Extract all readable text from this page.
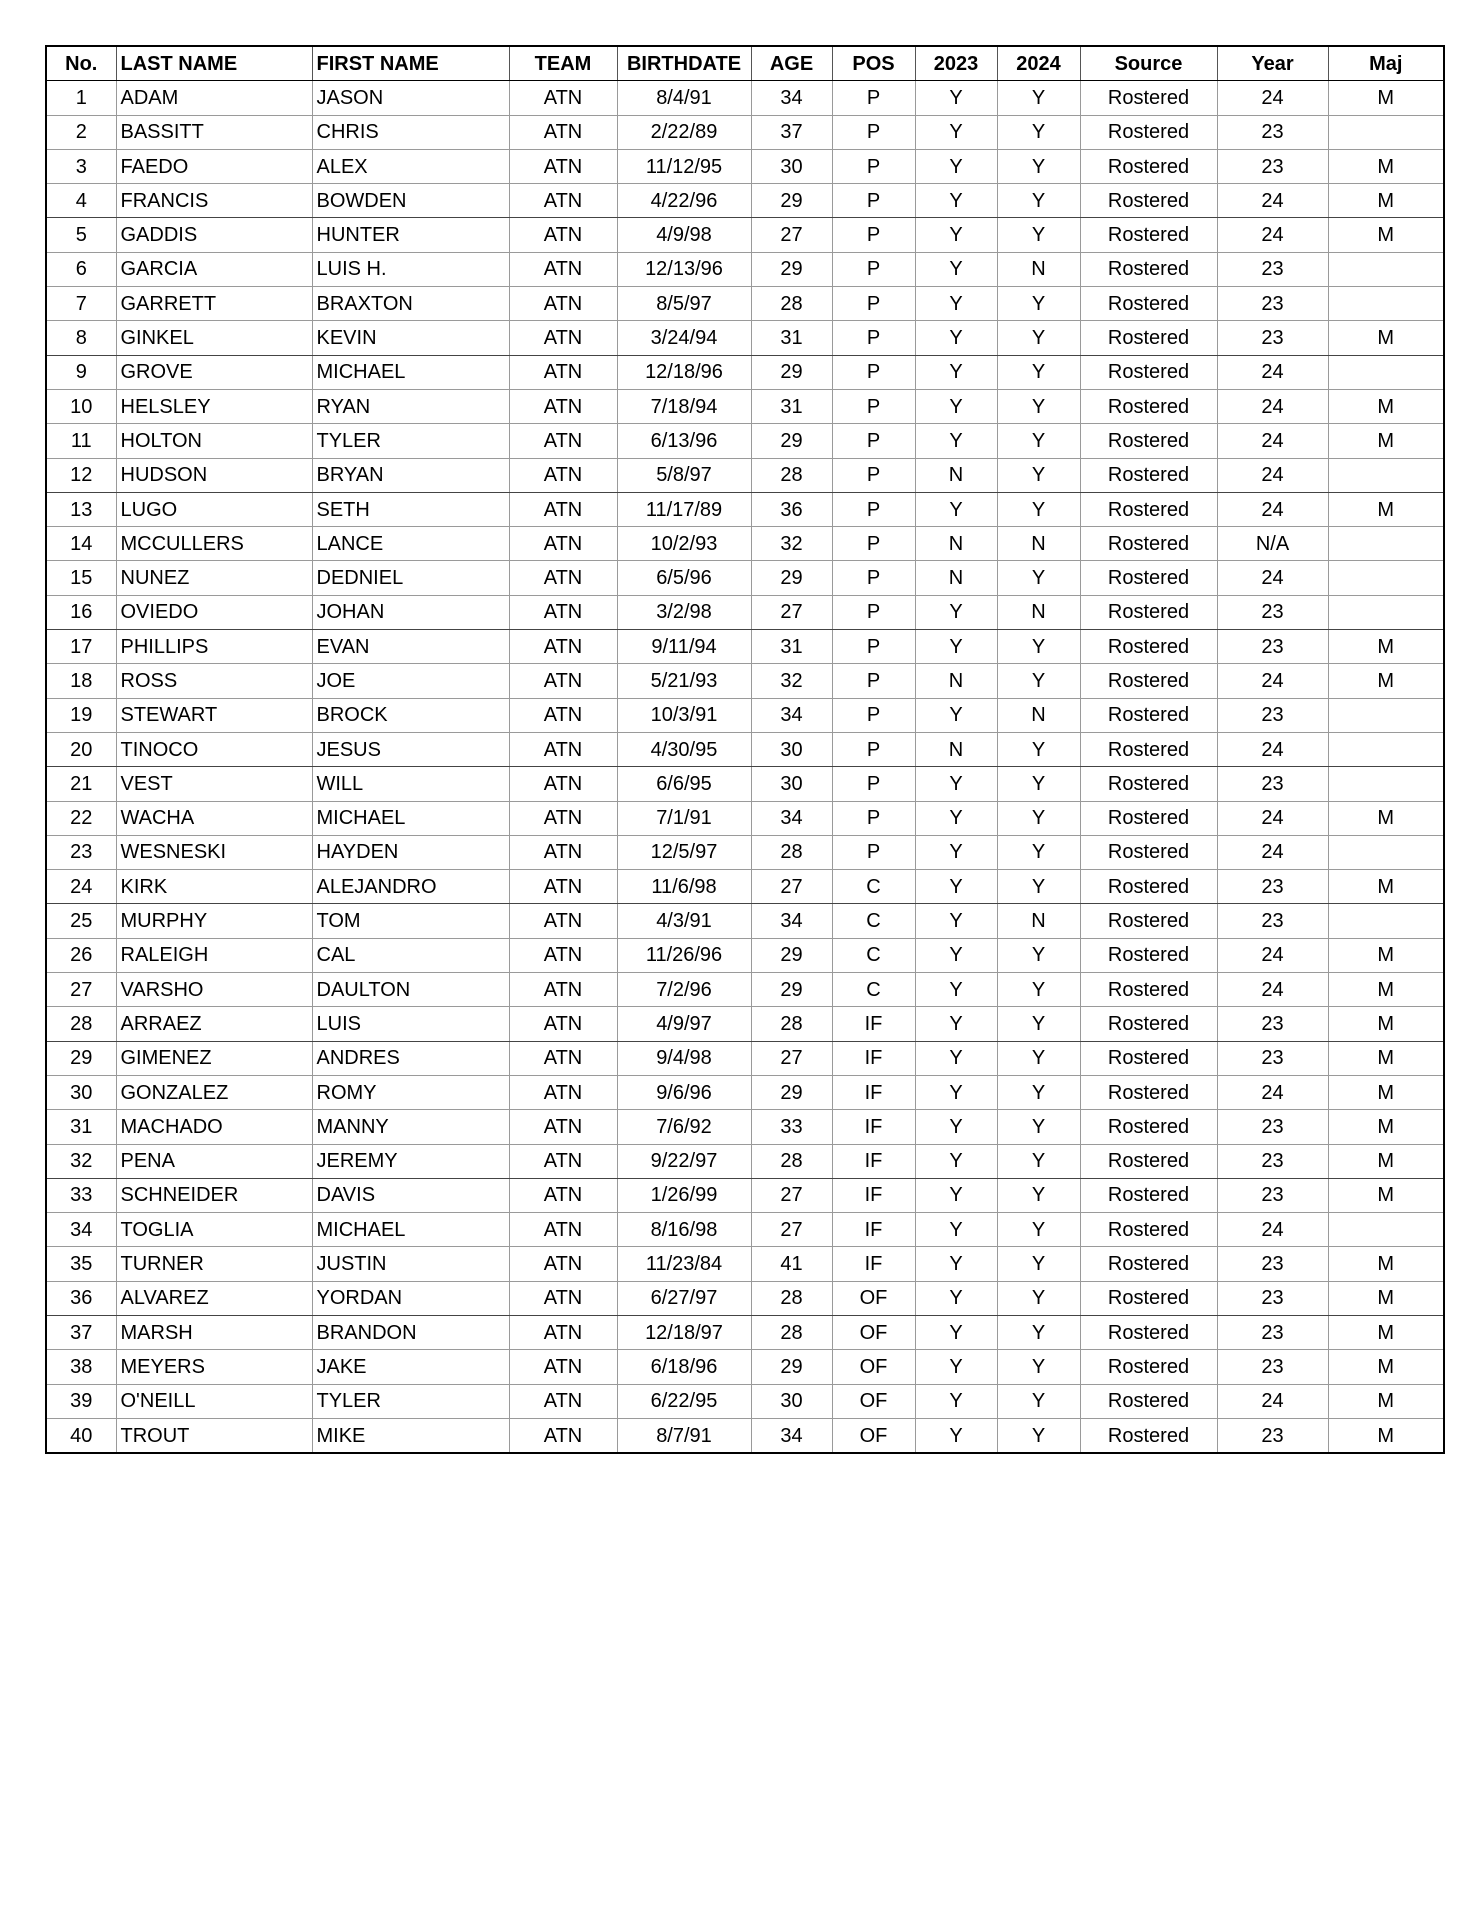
No.	LAST NAME	FIRST NAME	TEAM	BIRTHDATE	AGE	POS	2023	2024	Source	Year	Maj
1	ADAM	JASON	ATN	8/4/91	34	P	Y	Y	Rostered	24	M
2	BASSITT	CHRIS	ATN	2/22/89	37	P	Y	Y	Rostered	23	
3	FAEDO	ALEX	ATN	11/12/95	30	P	Y	Y	Rostered	23	M
4	FRANCIS	BOWDEN	ATN	4/22/96	29	P	Y	Y	Rostered	24	M
5	GADDIS	HUNTER	ATN	4/9/98	27	P	Y	Y	Rostered	24	M
6	GARCIA	LUIS H.	ATN	12/13/96	29	P	Y	N	Rostered	23	
7	GARRETT	BRAXTON	ATN	8/5/97	28	P	Y	Y	Rostered	23	
8	GINKEL	KEVIN	ATN	3/24/94	31	P	Y	Y	Rostered	23	M
9	GROVE	MICHAEL	ATN	12/18/96	29	P	Y	Y	Rostered	24	
10	HELSLEY	RYAN	ATN	7/18/94	31	P	Y	Y	Rostered	24	M
11	HOLTON	TYLER	ATN	6/13/96	29	P	Y	Y	Rostered	24	M
12	HUDSON	BRYAN	ATN	5/8/97	28	P	N	Y	Rostered	24	
13	LUGO	SETH	ATN	11/17/89	36	P	Y	Y	Rostered	24	M
14	MCCULLERS	LANCE	ATN	10/2/93	32	P	N	N	Rostered	N/A	
15	NUNEZ	DEDNIEL	ATN	6/5/96	29	P	N	Y	Rostered	24	
16	OVIEDO	JOHAN	ATN	3/2/98	27	P	Y	N	Rostered	23	
17	PHILLIPS	EVAN	ATN	9/11/94	31	P	Y	Y	Rostered	23	M
18	ROSS	JOE	ATN	5/21/93	32	P	N	Y	Rostered	24	M
19	STEWART	BROCK	ATN	10/3/91	34	P	Y	N	Rostered	23	
20	TINOCO	JESUS	ATN	4/30/95	30	P	N	Y	Rostered	24	
21	VEST	WILL	ATN	6/6/95	30	P	Y	Y	Rostered	23	
22	WACHA	MICHAEL	ATN	7/1/91	34	P	Y	Y	Rostered	24	M
23	WESNESKI	HAYDEN	ATN	12/5/97	28	P	Y	Y	Rostered	24	
24	KIRK	ALEJANDRO	ATN	11/6/98	27	C	Y	Y	Rostered	23	M
25	MURPHY	TOM	ATN	4/3/91	34	C	Y	N	Rostered	23	
26	RALEIGH	CAL	ATN	11/26/96	29	C	Y	Y	Rostered	24	M
27	VARSHO	DAULTON	ATN	7/2/96	29	C	Y	Y	Rostered	24	M
28	ARRAEZ	LUIS	ATN	4/9/97	28	IF	Y	Y	Rostered	23	M
29	GIMENEZ	ANDRES	ATN	9/4/98	27	IF	Y	Y	Rostered	23	M
30	GONZALEZ	ROMY	ATN	9/6/96	29	IF	Y	Y	Rostered	24	M
31	MACHADO	MANNY	ATN	7/6/92	33	IF	Y	Y	Rostered	23	M
32	PENA	JEREMY	ATN	9/22/97	28	IF	Y	Y	Rostered	23	M
33	SCHNEIDER	DAVIS	ATN	1/26/99	27	IF	Y	Y	Rostered	23	M
34	TOGLIA	MICHAEL	ATN	8/16/98	27	IF	Y	Y	Rostered	24	
35	TURNER	JUSTIN	ATN	11/23/84	41	IF	Y	Y	Rostered	23	M
36	ALVAREZ	YORDAN	ATN	6/27/97	28	OF	Y	Y	Rostered	23	M
37	MARSH	BRANDON	ATN	12/18/97	28	OF	Y	Y	Rostered	23	M
38	MEYERS	JAKE	ATN	6/18/96	29	OF	Y	Y	Rostered	23	M
39	O'NEILL	TYLER	ATN	6/22/95	30	OF	Y	Y	Rostered	24	M
40	TROUT	MIKE	ATN	8/7/91	34	OF	Y	Y	Rostered	23	M
